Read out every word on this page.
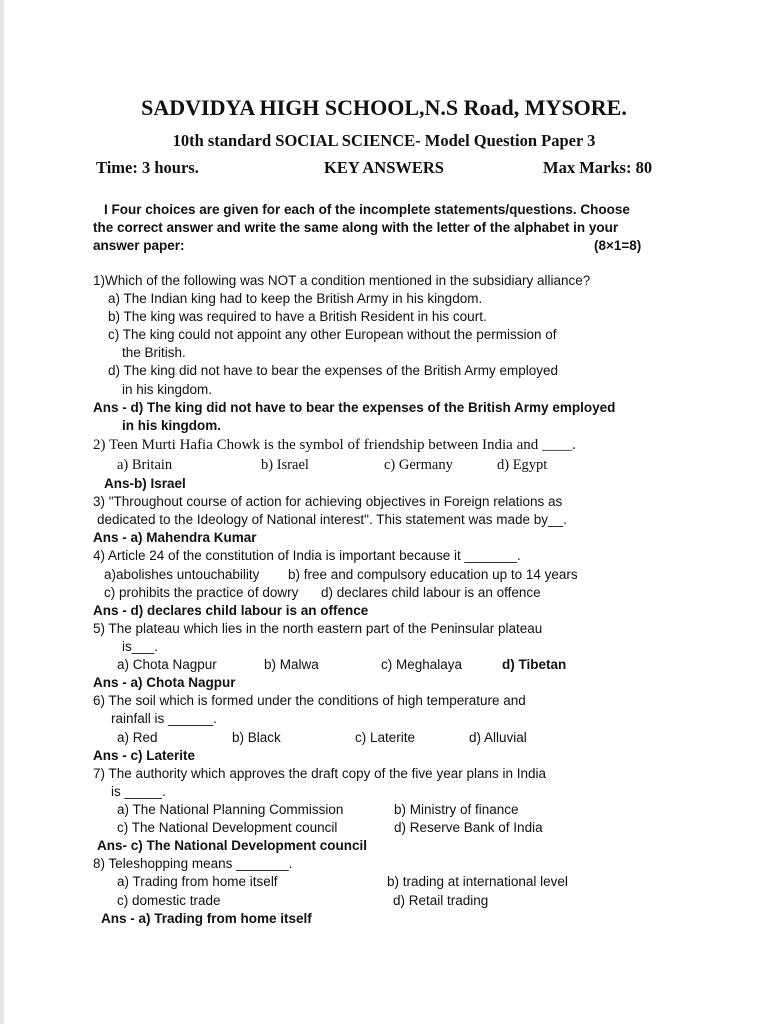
SADVIDYA HIGH SCHOOL,N.S Road, MYSORE.
10th standard SOCIAL SCIENCE- Model Question Paper 3
Time: 3 hours.	KEY ANSWERS	Max Marks: 80
I Four choices are given for each of the incomplete statements/questions. Choose
the correct answer and write the same along with the letter of the alphabet in your
answer paper:	(8×1=8)
1)Which of the following was NOT a condition mentioned in the subsidiary alliance?
a) The Indian king had to keep the British Army in his kingdom.
b) The king was required to have a British Resident in his court.
c) The king could not appoint any other European without the permission of
the British.
d) The king did not have to bear the expenses of the British Army employed
in his kingdom.
Ans - d) The king did not have to bear the expenses of the British Army employed
in his kingdom.
2) Teen Murti Hafia Chowk is the symbol of friendship between India and ____.
a) Britain	b) Israel	c) Germany	d) Egypt
Ans-b) Israel
3) "Throughout course of action for achieving objectives in Foreign relations as
dedicated to the Ideology of National interest". This statement was made by__.
Ans - a) Mahendra Kumar
4) Article 24 of the constitution of India is important because it _______.
a)abolishes untouchability b) free and compulsory education up to 14 years
c) prohibits the practice of dowry d) declares child labour is an offence
Ans - d) declares child labour is an offence
5) The plateau which lies in the north eastern part of the Peninsular plateau
is___.
a) Chota Nagpur	b) Malwa	c) Meghalaya	d) Tibetan
Ans - a) Chota Nagpur
6) The soil which is formed under the conditions of high temperature and
rainfall is ______.
a) Red	b) Black	c) Laterite	d) Alluvial
Ans - c) Laterite
7) The authority which approves the draft copy of the five year plans in India
is _____.
a) The National Planning Commission	b) Ministry of finance
c) The National Development council	d) Reserve Bank of India
Ans- c) The National Development council
8) Teleshopping means _______.
a) Trading from home itself	b) trading at international level
c) domestic trade	d) Retail trading
Ans - a) Trading from home itself
